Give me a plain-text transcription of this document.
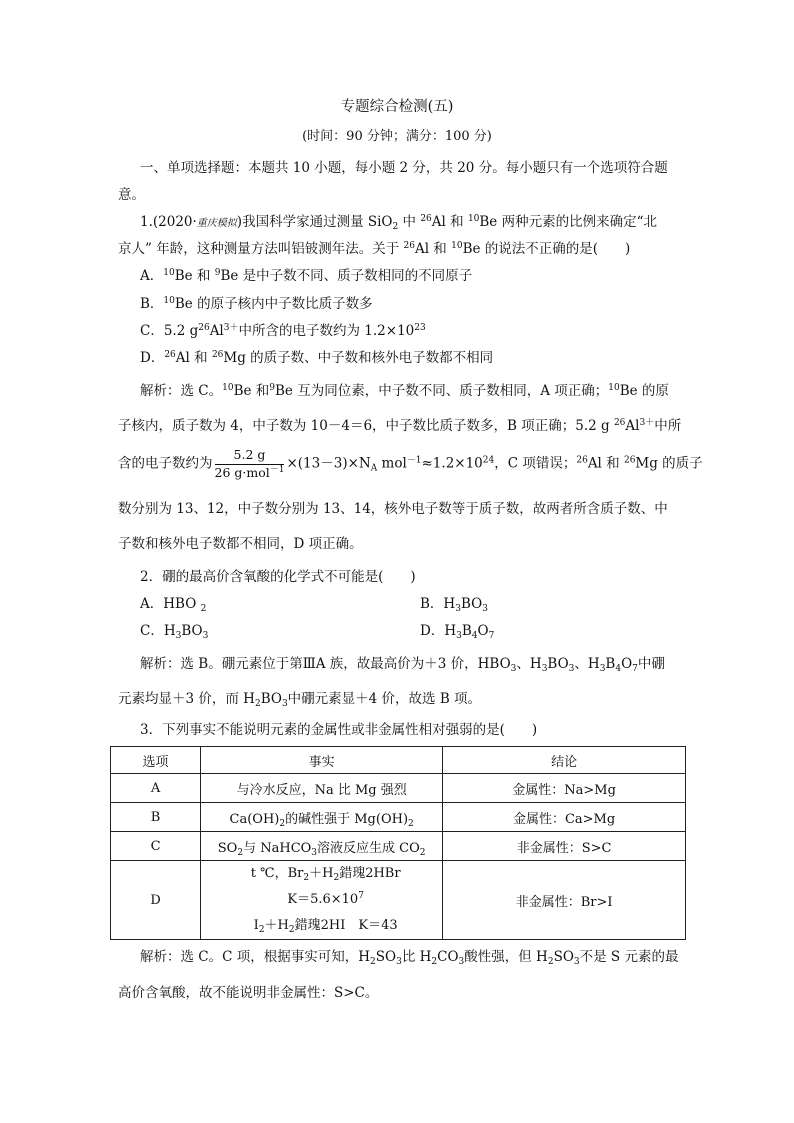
专题综合检测(五)
(时间：90 分钟；满分：100 分)
一、单项选择题：本题共 10 小题，每小题 2 分，共 20 分。每小题只有一个选项符合题
意。
1.(2020·重庆模拟)我国科学家通过测量 SiO$_2$ 中 $^{26}$Al 和 $^{10}$Be 两种元素的比例来确定“北
京人” 年龄，这种测量方法叫铝铍测年法。关于 $^{26}$Al 和 $^{10}$Be 的说法不正确的是(　　)
A．$^{10}$Be 和 $^9$Be 是中子数不同、质子数相同的不同原子
B．$^{10}$Be 的原子核内中子数比质子数多
C．5.2 $g^{26}Al^{3+}$中所含的电子数约为 $1.2\times 10^{23}$
D．$^{26}$Al 和 $^{26}$Mg 的质子数、中子数和核外电子数都不相同
解析：选 C。$^{10}$Be 和$^9$Be 互为同位素，中子数不同、质子数相同，A 项正确；$^{10}$Be 的原
子核内，质子数为 4，中子数为 10－4＝6，中子数比质子数多，B 项正确；5.2 g $^{26}Al^{3+}$中所
含的电子数约为 $\frac{5.2 g}{26 g\cdot mol^{-1}} \times(13-3)\times N_A$ $mol^{-1}\approx 1.2\times 10^{24}$，C 项错误；$^{26}$Al 和 $^{26}$Mg 的质子
数分别为 13、12，中子数分别为 13、14，核外电子数等于质子数，故两者所含质子数、中
子数和核外电子数都不相同，D 项正确。
2．硼的最高价含氧酸的化学式不可能是(　　)
A．HBO $_2$	B．$H_3BO_3$
C．$H_3BO_3$	D．$H_3B_4O_7$
解析：选 B。硼元素位于第ⅢA 族，故最高价为＋3 价，$HBO_3$、$H_3BO_3$、$H_3B_4O_7$中硼
元素均显＋3 价，而 $H_2BO_3$中硼元素显＋4 价，故选 B 项。
3．下列事实不能说明元素的金属性或非金属性相对强弱的是(　　)
选项	事实	结论
A	与冷水反应，Na 比 Mg 强烈	金属性：Na>Mg
B	$Ca(OH)_2$的碱性强于 $Mg(OH)_2$	金属性：Ca>Mg
C	$SO_2$与 NaHCO$_3$溶液反应生成 $CO_2$	非金属性：S>C
D	t ℃，$Br_2+H_2$錯瑰2HBr
$K=5.6\times 10^7$
$I_2+H_2$錯瑰2HI　K＝43	非金属性：Br>I
解析：选 C。C 项，根据事实可知，$H_2SO_3$比 $H_2CO_3$酸性强，但 $H_2SO_3$不是 S 元素的最
高价含氧酸，故不能说明非金属性：S>C。
